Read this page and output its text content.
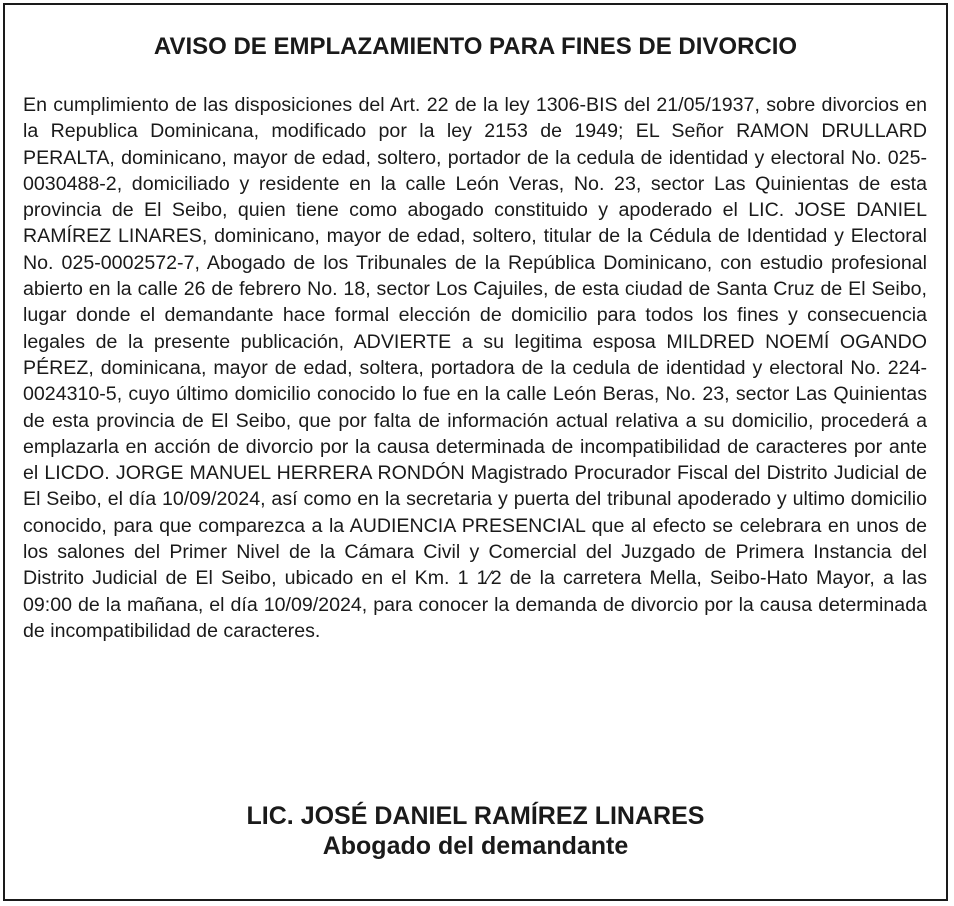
AVISO DE EMPLAZAMIENTO PARA FINES DE DIVORCIO

En cumplimiento de las disposiciones del Art. 22 de la ley 1306-BIS del 21/05/1937, sobre divorcios en la Republica Dominicana, modificado por la ley 2153 de 1949; EL Señor RAMON DRULLARD PERALTA, dominicano, mayor de edad, soltero, portador de la cedula de identidad y electoral No. 025-0030488-2, domiciliado y residente en la calle León Veras, No. 23, sector Las Quinientas de esta provincia de El Seibo, quien tiene como abogado constituido y apoderado el LIC. JOSE DANIEL RAMÍREZ LINARES, dominicano, mayor de edad, soltero, titular de la Cédula de Identidad y Electoral No. 025-0002572-7, Abogado de los Tribunales de la República Dominicano, con estudio profesional abierto en la calle 26 de febrero No. 18, sector Los Cajuiles, de esta ciudad de Santa Cruz de El Seibo, lugar donde el demandante hace formal elección de domicilio para todos los fines y consecuencia legales de la presente publicación, ADVIERTE a su legitima esposa MILDRED NOEMÍ OGANDO PÉREZ, dominicana, mayor de edad, soltera, portadora de la cedula de identidad y electoral No. 224-0024310-5, cuyo último domicilio conocido lo fue en la calle León Beras, No. 23, sector Las Quinientas de esta provincia de El Seibo, que por falta de información actual relativa a su domicilio, procederá a emplazarla en acción de divorcio por la causa determinada de incompatibilidad de caracteres por ante el LICDO. JORGE MANUEL HERRERA RONDÓN Magistrado Procurador Fiscal del Distrito Judicial de El Seibo, el día 10/09/2024, así como en la secretaria y puerta del tribunal apoderado y ultimo domicilio conocido, para que comparezca a la AUDIENCIA PRESENCIAL que al efecto se celebrara en unos de los salones del Primer Nivel de la Cámara Civil y Comercial del Juzgado de Primera Instancia del Distrito Judicial de El Seibo, ubicado en el Km. 1 1⁄2 de la carretera Mella, Seibo-Hato Mayor, a las 09:00 de la mañana, el día 10/09/2024, para conocer la demanda de divorcio por la causa determinada de incompatibilidad de caracteres.

LIC. JOSÉ DANIEL RAMÍREZ LINARES
Abogado del demandante
